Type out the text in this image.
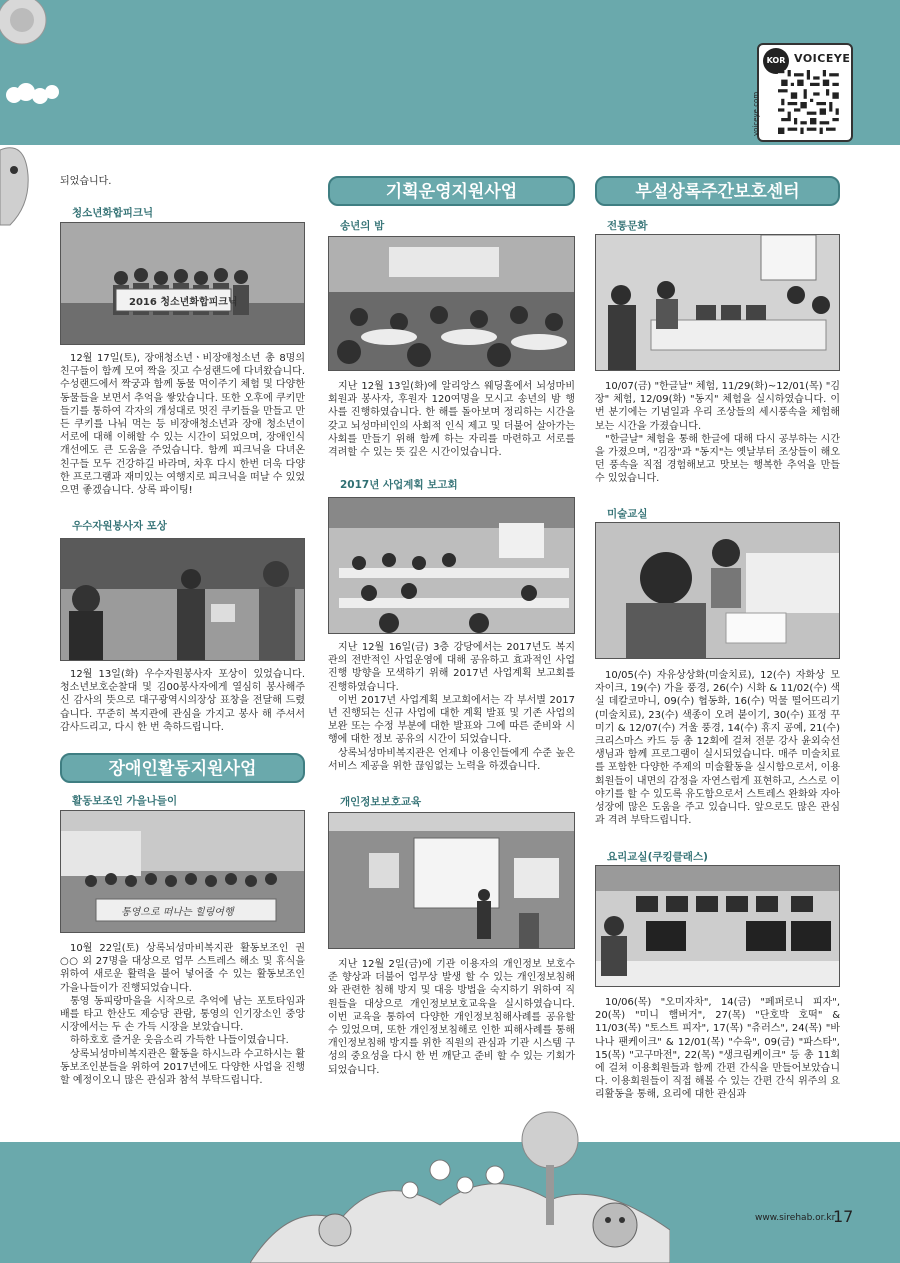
KOR VOICEYE
voiceye.com
되었습니다.
청소년화합피크닉
2016 청소년화합피크닉

12월 17일(토), 장애청소년ㆍ비장애청소년 총 8명의 친구들이 함께 모여 짝을 짓고 수성랜드에 다녀왔습니다. 수성랜드에서 짝궁과 함께 동물 먹이주기 체험 및 다양한 동물들을 보면서 추억을 쌓았습니다. 또한 오후에 쿠키만들기를 통하여 각자의 개성대로 멋진 쿠키들을 만들고 만든 쿠키를 나눠 먹는 등 비장애청소년과 장애 청소년이 서로에 대해 이해할 수 있는 시간이 되었으며, 장애인식개선에도 큰 도움을 주었습니다. 함께 피크닉을 다녀온 친구들 모두 건강하길 바라며, 차후 다시 한번 더욱 다양한 프로그램과 재미있는 여행지로 피크닉을 떠날 수 있었으면 좋겠습니다. 상록 파이팅!

우수자원봉사자 포상

12월 13일(화) 우수자원봉사자 포상이 있었습니다. 청소년보호순찰대 및 김00봉사자에게 열심히 봉사해주신 감사의 뜻으로 대구광역시의장상 표창을 전달해 드렸습니다. 꾸준히 복지관에 관심을 가지고 봉사 해 주셔서 감사드리고, 다시 한 번 축하드립니다.

장애인활동지원사업
활동보조인 가을나들이
통영으로 떠나는 힐링여행

10월 22일(토) 상록뇌성마비복지관 활동보조인 권○○ 외 27명을 대상으로 업무 스트레스 해소 및 휴식을 위하여 새로운 활력을 불어 넣어줄 수 있는 활동보조인 가을나들이가 진행되었습니다.

통영 동피랑마을을 시작으로 추억에 남는 포토타임과 배를 타고 한산도 제승당 관람, 통영의 인기장소인 중앙시장에서는 두 손 가득 시장을 보았습니다.

하하호호 즐거운 웃음소리 가득한 나들이였습니다.

상록뇌성마비복지관은 활동을 하시느라 수고하시는 활동보조인분들을 위하여 2017년에도 다양한 사업을 진행할 예정이오니 많은 관심과 참석 부탁드립니다.

기획운영지원사업
송년의 밤

지난 12월 13일(화)에 알리앙스 웨딩홀에서 뇌성마비 회원과 봉사자, 후원자 120여명을 모시고 송년의 밤 행사를 진행하였습니다. 한 해를 돌아보며 정리하는 시간을 갖고 뇌성마비인의 사회적 인식 제고 및 더불어 살아가는 사회를 만들기 위해 함께 하는 자리를 마련하고 서로를 격려할 수 있는 뜻 깊은 시간이었습니다.

2017년 사업계획 보고회

지난 12월 16일(금) 3층 강당에서는 2017년도 복지관의 전반적인 사업운영에 대해 공유하고 효과적인 사업진행 방향을 모색하기 위해 2017년 사업계획 보고회를 진행하였습니다.

이번 2017년 사업계획 보고회에서는 각 부서별 2017년 진행되는 신규 사업에 대한 계획 발표 및 기존 사업의 보완 또는 수정 부분에 대한 발표와 그에 따른 준비와 시행에 대한 정보 공유의 시간이 되었습니다.

상록뇌성마비복지관은 언제나 이용인들에게 수준 높은 서비스 제공을 위한 끊임없는 노력을 하겠습니다.

개인정보보호교육

지난 12월 2일(금)에 기관 이용자의 개인정보 보호수준 향상과 더불어 업무상 발생 할 수 있는 개인정보침해와 관련한 침해 방지 및 대응 방법을 숙지하기 위하여 직원들을 대상으로 개인정보보호교육을 실시하였습니다. 이번 교육을 통하여 다양한 개인정보침해사례를 공유할 수 있었으며, 또한 개인정보침해로 인한 피해사례를 통해 개인정보침해 방지를 위한 직원의 관심과 기관 시스템 구성의 중요성을 다시 한 번 깨닫고 준비 할 수 있는 기회가 되었습니다.

부설상록주간보호센터
전통문화

10/07(금) "한글날" 체험, 11/29(화)~12/01(목) "김장" 체험, 12/09(화) "동지" 체험을 실시하였습니다. 이번 분기에는 기념일과 우리 조상들의 세시풍속을 체험해보는 시간을 가졌습니다.

"한글날" 체험을 통해 한글에 대해 다시 공부하는 시간을 가졌으며, "김장"과 "동지"는 옛날부터 조상들이 해오던 풍속을 직접 경험해보고 맛보는 행복한 추억을 만들 수 있었습니다.

미술교실

10/05(수) 자유상상화(미술치료), 12(수) 자화상 모자이크, 19(수) 가을 풍경, 26(수) 시화 & 11/02(수) 색실 데칼코마니, 09(수) 협동화, 16(수) 먹물 떨어뜨리기(미술치료), 23(수) 색종이 오려 붙이기, 30(수) 표정 꾸미기 & 12/07(수) 겨울 풍경, 14(수) 휴지 공예, 21(수) 크리스마스 카드 등 총 12회에 걸쳐 전문 강사 윤외숙선생님과 함께 프로그램이 실시되었습니다. 매주 미술치료를 포함한 다양한 주제의 미술활동을 실시함으로서, 이용회원들이 내면의 감정을 자연스럽게 표현하고, 스스로 이야기를 할 수 있도록 유도함으로서 스트레스 완화와 자아 성장에 많은 도움을 주고 있습니다. 앞으로도 많은 관심과 격려 부탁드립니다.

요리교실(쿠킹클래스)

10/06(목) "오미자차", 14(금) "페퍼로니 피자", 20(목) "미니 햄버거", 27(목) "단호박 호떡" & 11/03(목) "토스트 피자", 17(목) "츄러스", 24(목) "바나나 팬케이크" & 12/01(목) "수육", 09(금) "파스타", 15(목) "고구마전", 22(목) "생크림케이크" 등 총 11회에 걸쳐 이용회원들과 함께 간편 간식을 만들어보았습니다. 이용회원들이 직접 해볼 수 있는 간편 간식 위주의 요리활동을 통해, 요리에 대한 관심과

www.sirehab.or.kr
17
